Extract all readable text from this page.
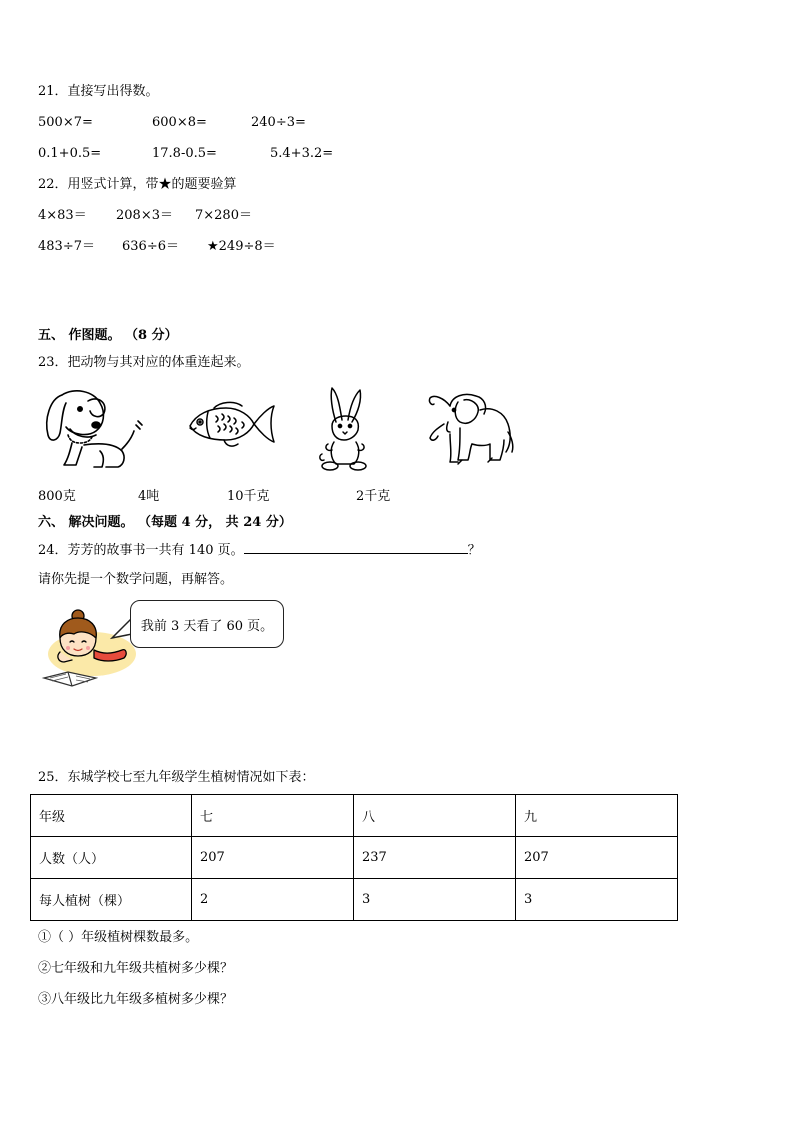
21．直接写出得数。
500×7=	600×8=	240÷3=
0.1+0.5=	17.8-0.5=	5.4+3.2=
22．用竖式计算，带★的题要验算
4×83＝ 208×3＝ 7×280＝
483÷7＝ 636÷6＝ ★249÷8＝
五、 作图题。 （8 分）
23．把动物与其对应的体重连起来。
800克	4吨	10千克	2千克
六、 解决问题。 （每题 4 分， 共 24 分）
24．芳芳的故事书一共有 140 页。	？
请你先提一个数学问题，再解答。
我前 3 天看了 60 页。
25．东城学校七至九年级学生植树情况如下表：
年级	七	八	九
人数（人）	207	237	207
每人植树（棵）	2	3	3
①（ ）年级植树棵数最多。
②七年级和九年级共植树多少棵？
③八年级比九年级多植树多少棵？
